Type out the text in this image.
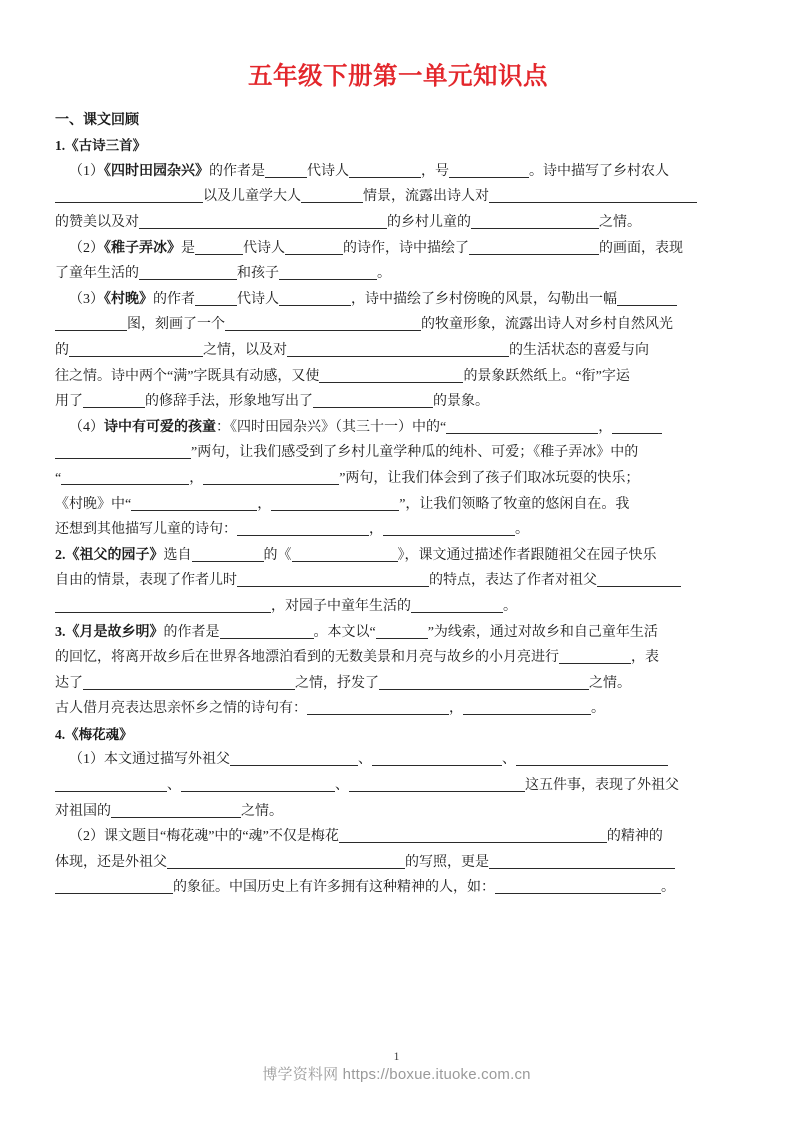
五年级下册第一单元知识点
一、课文回顾
1.《古诗三首》
（1）《四时田园杂兴》的作者是	代诗人	，号	。诗中描写了乡村农人
以及儿童学大人	情景，流露出诗人对
的赞美以及对	的乡村儿童的	之情。
（2）《稚子弄冰》是	代诗人	的诗作，诗中描绘了	的画面，表现
了童年生活的	和孩子	。
（3）《村晚》的作者	代诗人	，诗中描绘了乡村傍晚的风景，勾勒出一幅
图，刻画了一个	的牧童形象，流露出诗人对乡村自然风光
的	之情，以及对	的生活状态的喜爱与向
往之情。诗中两个“满”字既具有动感，又使	的景象跃然纸上。“衔”字运
用了	的修辞手法，形象地写出了	的景象。
（4）诗中有可爱的孩童：《四时田园杂兴》（其三十一）中的“	，
”两句，让我们感受到了乡村儿童学种瓜的纯朴、可爱；《稚子弄冰》中的
“	，	”两句，让我们体会到了孩子们取冰玩耍的快乐；
《村晚》中“	，	”，让我们领略了牧童的悠闲自在。我
还想到其他描写儿童的诗句：	，	。
2.《祖父的园子》选自	的《	》，课文通过描述作者跟随祖父在园子快乐
自由的情景，表现了作者儿时	的特点，表达了作者对祖父
，对园子中童年生活的	。
3.《月是故乡明》的作者是	。本文以“	”为线索，通过对故乡和自己童年生活
的回忆，将离开故乡后在世界各地漂泊看到的无数美景和月亮与故乡的小月亮进行	，表
达了	之情，抒发了	之情。
古人借月亮表达思亲怀乡之情的诗句有：	，	。
4.《梅花魂》
（1）本文通过描写外祖父	、	、
、	、	这五件事，表现了外祖父
对祖国的	之情。
（2）课文题目“梅花魂”中的“魂”不仅是梅花	的精神的
体现，还是外祖父	的写照，更是
的象征。中国历史上有许多拥有这种精神的人，如：	。
1
博学资料网 https://boxue.ituoke.com.cn
